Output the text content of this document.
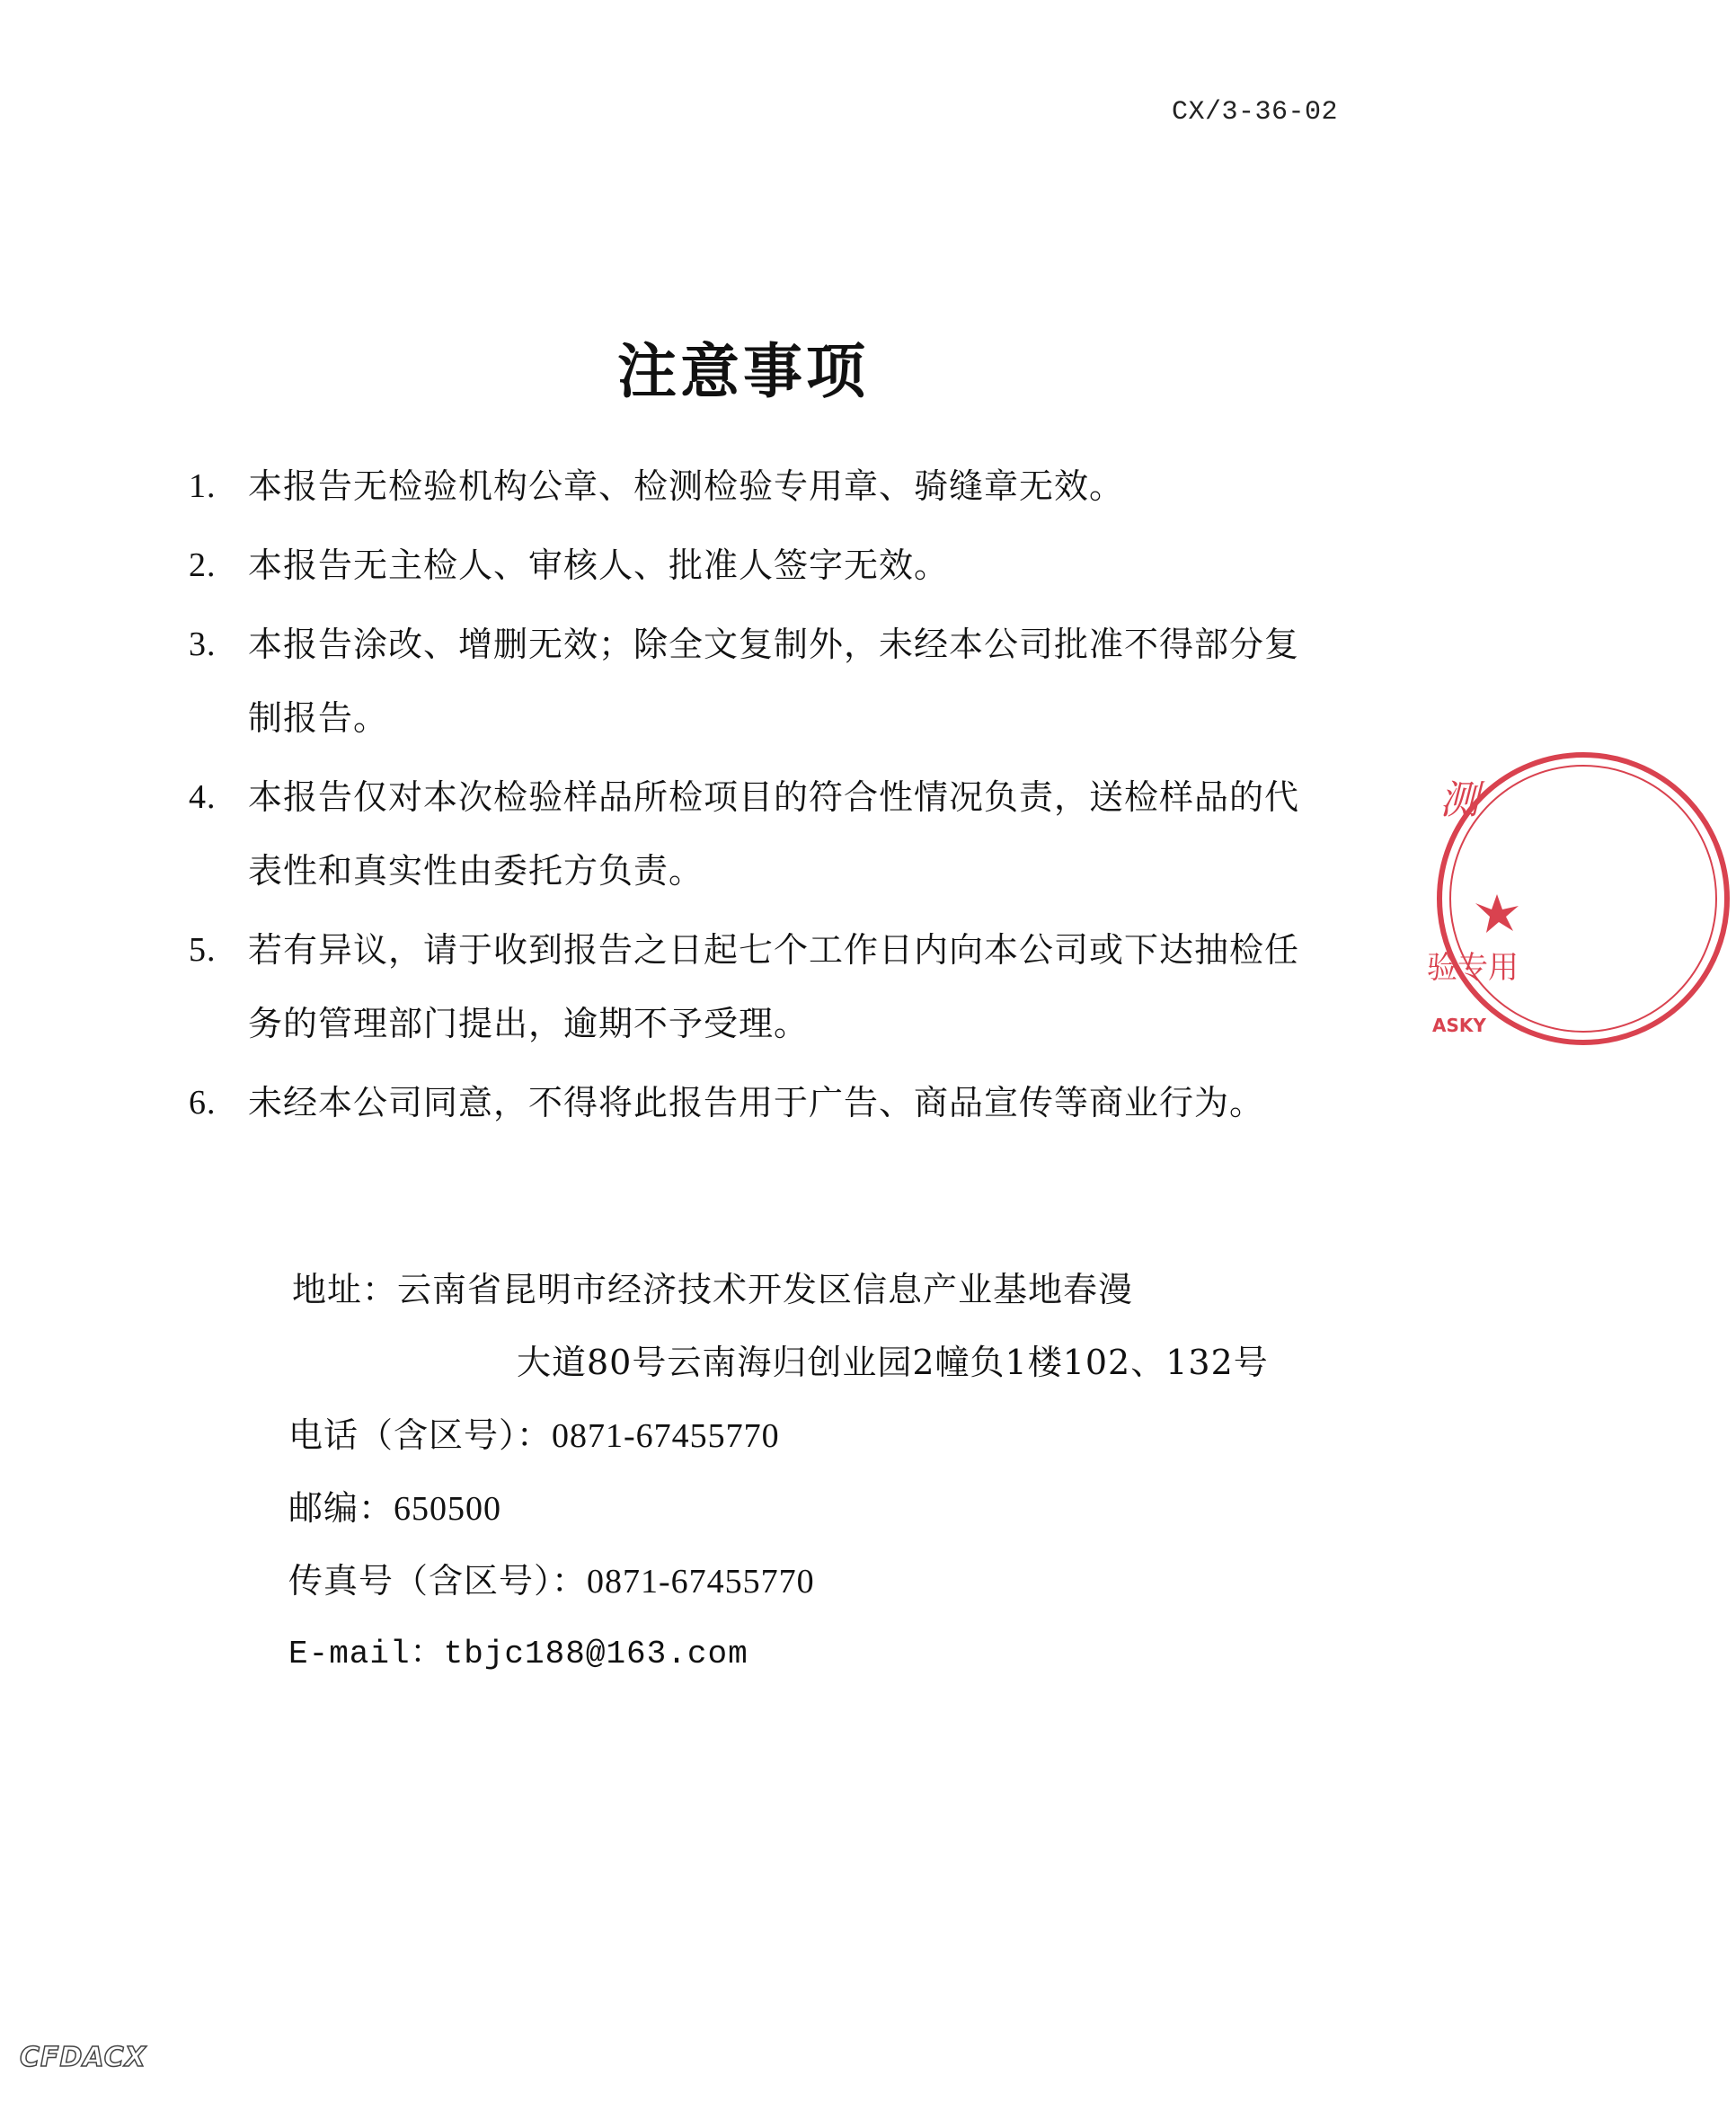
CX/3-36-02
注意事项
1. 本报告无检验机构公章、检测检验专用章、骑缝章无效。
2. 本报告无主检人、审核人、批准人签字无效。
3. 本报告涂改、增删无效；除全文复制外，未经本公司批准不得部分复制报告。
4. 本报告仅对本次检验样品所检项目的符合性情况负责，送检样品的代表性和真实性由委托方负责。
5. 若有异议，请于收到报告之日起七个工作日内向本公司或下达抽检任务的管理部门提出，逾期不予受理。
6. 未经本公司同意，不得将此报告用于广告、商品宣传等商业行为。
地址：云南省昆明市经济技术开发区信息产业基地春漫
大道80号云南海归创业园2幢负1楼102、132号
电话（含区号）：0871-67455770
邮编：650500
传真号（含区号）：0871-67455770
E-mail：tbjc188@163.com
测
验专用
ASKY
CFDACX
